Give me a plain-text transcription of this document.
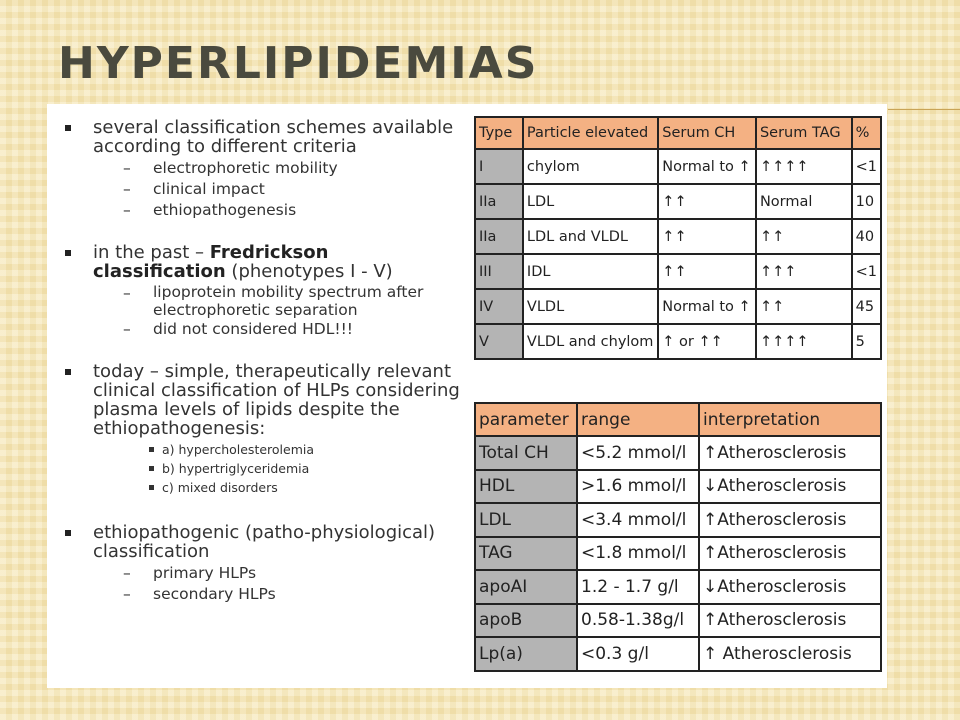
HYPERLIPIDEMIAS
several classification schemes available according to different criteria
–	electrophoretic mobility
–	clinical impact
–	ethiopathogenesis
in the past – Fredrickson classification (phenotypes I - V)
–	lipoprotein mobility spectrum after electrophoretic separation
–	did not considered HDL!!!
today – simple, therapeutically relevant clinical classification of HLPs considering plasma levels of lipids despite the ethiopathogenesis:
a) hypercholesterolemia
b) hypertriglyceridemia
c) mixed disorders
ethiopathogenic (patho-physiological) classification
–	primary HLPs
–	secondary HLPs
Type	Particle elevated	Serum CH	Serum TAG	%
I	chylom	Normal to ↑	↑↑↑↑	<1
IIa	LDL	↑↑	Normal	10
IIa	LDL and VLDL	↑↑	↑↑	40
III	IDL	↑↑	↑↑↑	<1
IV	VLDL	Normal to ↑	↑↑	45
V	VLDL and chylom	↑ or ↑↑	↑↑↑↑	5
parameter	range	interpretation
Total CH	<5.2 mmol/l	↑Atherosclerosis
HDL	>1.6 mmol/l	↓Atherosclerosis
LDL	<3.4 mmol/l	↑Atherosclerosis
TAG	<1.8 mmol/l	↑Atherosclerosis
apoAI	1.2 - 1.7 g/l	↓Atherosclerosis
apoB	0.58-1.38g/l	↑Atherosclerosis
Lp(a)	<0.3 g/l	↑ Atherosclerosis
